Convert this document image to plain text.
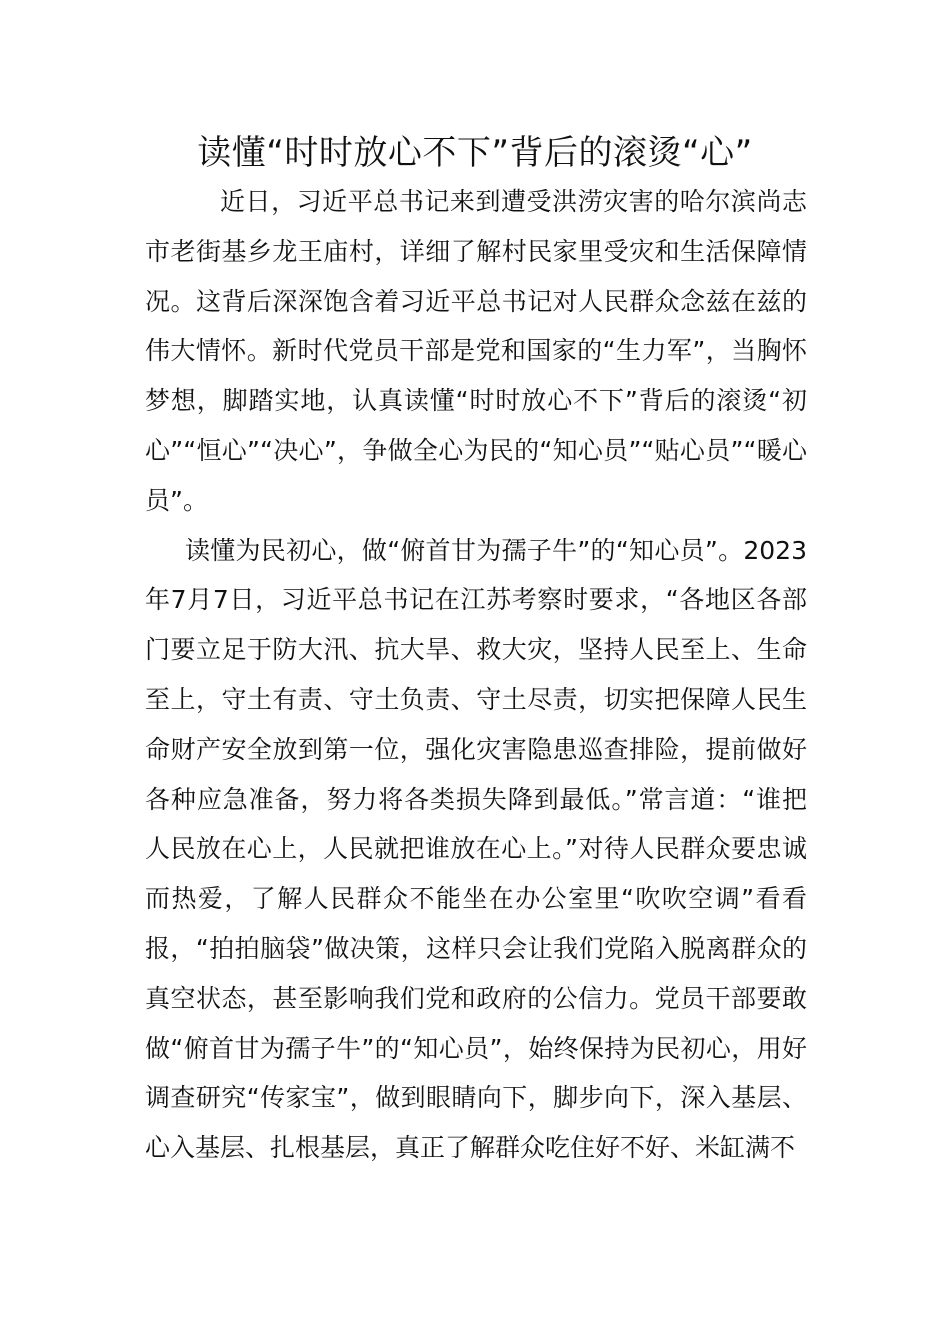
读懂“时时放心不下”背后的滚烫“心”

近日，习近平总书记来到遭受洪涝灾害的哈尔滨尚志市老街基乡龙王庙村，详细了解村民家里受灾和生活保障情况。这背后深深饱含着习近平总书记对人民群众念兹在兹的伟大情怀。新时代党员干部是党和国家的“生力军”，当胸怀梦想，脚踏实地，认真读懂“时时放心不下”背后的滚烫“初心”“恒心”“决心”，争做全心为民的“知心员”“贴心员”“暖心员”。

读懂为民初心，做“俯首甘为孺子牛”的“知心员”。2023年7月7日，习近平总书记在江苏考察时要求，“各地区各部门要立足于防大汛、抗大旱、救大灾，坚持人民至上、生命至上，守土有责、守土负责、守土尽责，切实把保障人民生命财产安全放到第一位，强化灾害隐患巡查排险，提前做好各种应急准备，努力将各类损失降到最低。”常言道：“谁把人民放在心上，人民就把谁放在心上。”对待人民群众要忠诚而热爱，了解人民群众不能坐在办公室里“吹吹空调”看看报，“拍拍脑袋”做决策，这样只会让我们党陷入脱离群众的真空状态，甚至影响我们党和政府的公信力。党员干部要敢做“俯首甘为孺子牛”的“知心员”，始终保持为民初心，用好调查研究“传家宝”，做到眼睛向下，脚步向下，深入基层、心入基层、扎根基层，真正了解群众吃住好不好、米缸满不
